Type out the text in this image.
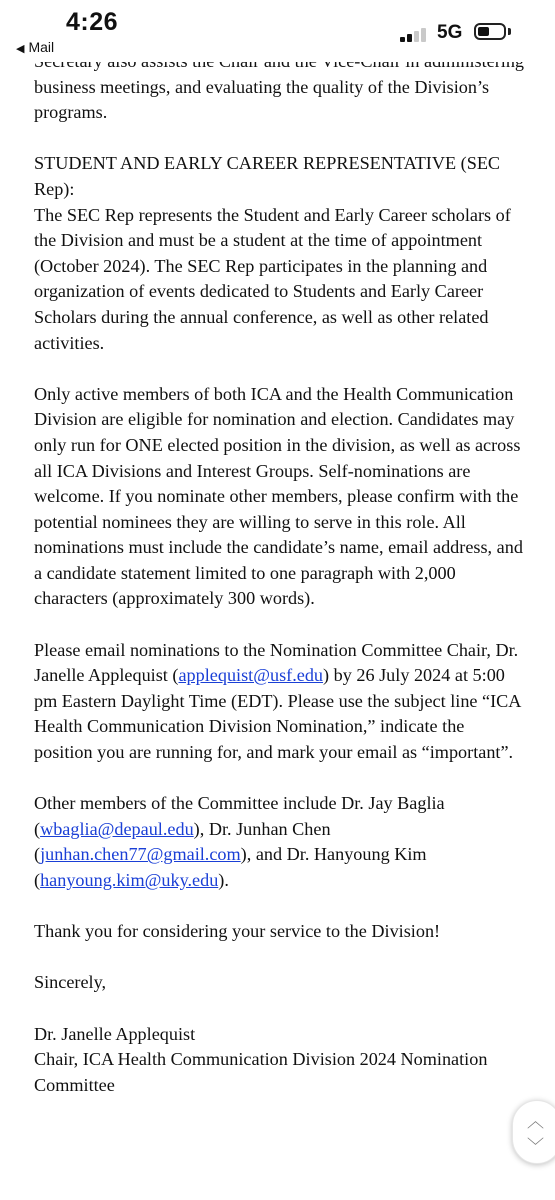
4:26
◀ Mail
5G

business meetings, and evaluating the quality of the Division’s programs.

STUDENT AND EARLY CAREER REPRESENTATIVE (SEC Rep):
The SEC Rep represents the Student and Early Career scholars of the Division and must be a student at the time of appointment (October 2024). The SEC Rep participates in the planning and organization of events dedicated to Students and Early Career Scholars during the annual conference, as well as other related activities.

Only active members of both ICA and the Health Communication Division are eligible for nomination and election. Candidates may only run for ONE elected position in the division, as well as across all ICA Divisions and Interest Groups. Self-nominations are welcome. If you nominate other members, please confirm with the potential nominees they are willing to serve in this role. All nominations must include the candidate’s name, email address, and a candidate statement limited to one paragraph with 2,000 characters (approximately 300 words).

Please email nominations to the Nomination Committee Chair, Dr. Janelle Applequist (applequist@usf.edu) by 26 July 2024 at 5:00 pm Eastern Daylight Time (EDT). Please use the subject line “ICA Health Communication Division Nomination,” indicate the position you are running for, and mark your email as “important”.

Other members of the Committee include Dr. Jay Baglia (wbaglia@depaul.edu), Dr. Junhan Chen (junhan.chen77@gmail.com), and Dr. Hanyoung Kim (hanyoung.kim@uky.edu).

Thank you for considering your service to the Division!

Sincerely,

Dr. Janelle Applequist
Chair, ICA Health Communication Division 2024 Nomination Committee

︿
﹀
